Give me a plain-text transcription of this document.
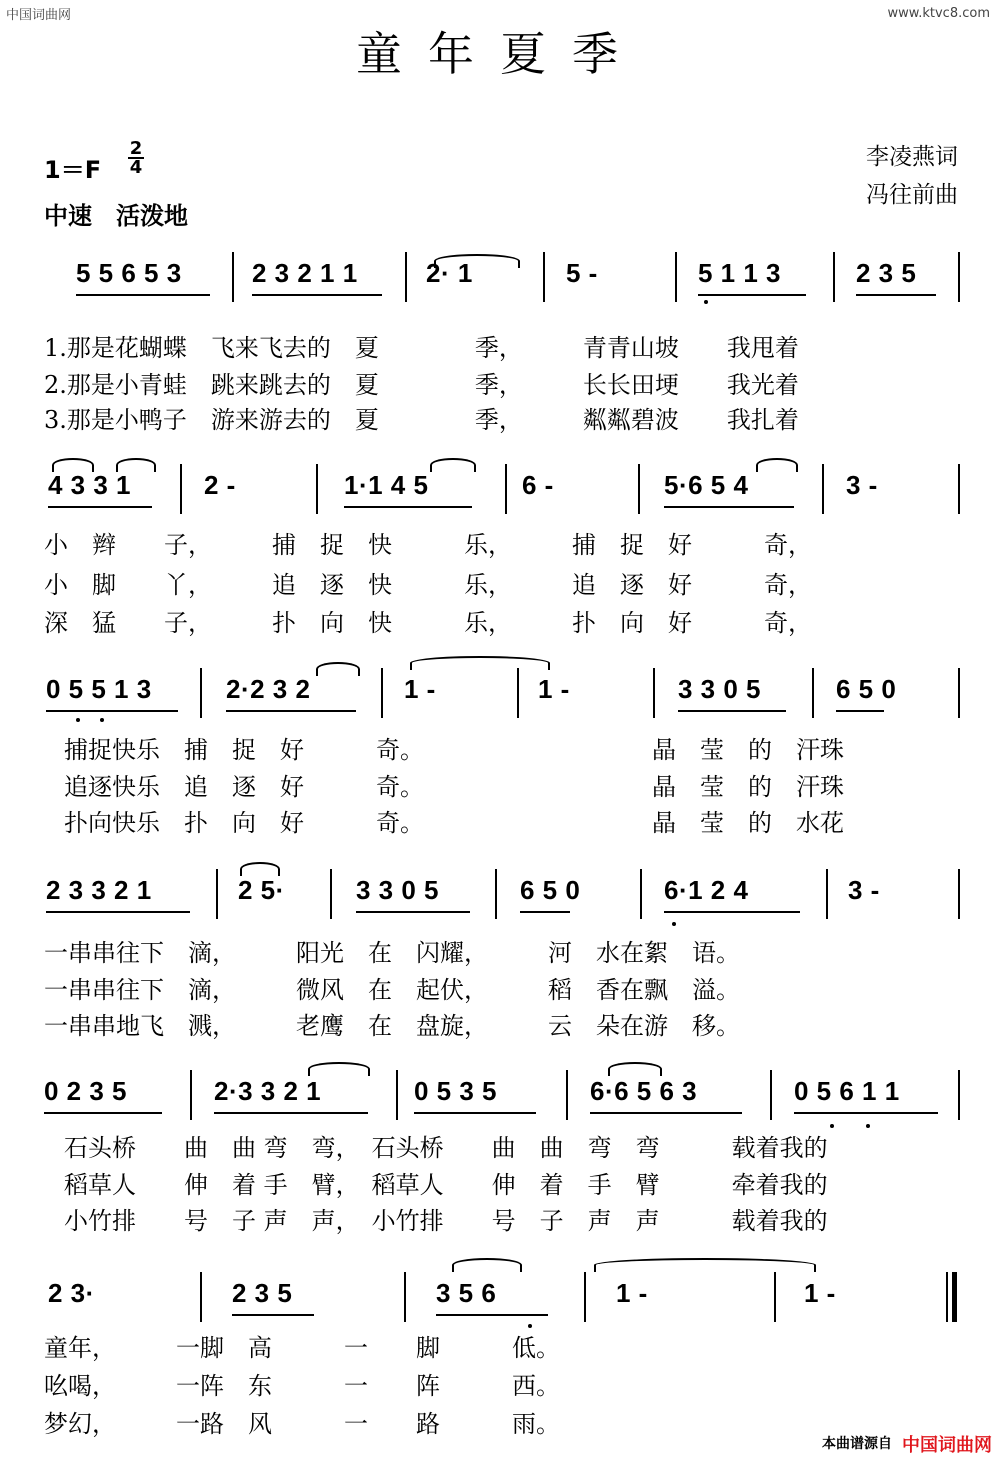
中国词曲网	www.ktvc8.com
童年夏季
1＝F
2
4
中速　活泼地
李凌燕词
冯往前曲
5 5 6 5 3	2 3 2 1 1	2· 1	5 -	5 1 1 3	2 3 5
1.那是花蝴蝶　飞来飞去的　夏　　　　季，　　　青青山坡　　我甩着
2.那是小青蛙　跳来跳去的　夏　　　　季，　　　长长田埂　　我光着
3.那是小鸭子　游来游去的　夏　　　　季，　　　粼粼碧波　　我扎着
4 3 3 1	2 -	1·1 4 5	6 -	5·6 5 4	3 -
小　辫　　子，　　　捕　捉　快　　　乐，　　　捕　捉　好　　　奇，
小　脚　　丫，　　　追　逐　快　　　乐，　　　追　逐　好　　　奇，
深　猛　　子，　　　扑　向　快　　　乐，　　　扑　向　好　　　奇，
0 5 5 1 3	2·2 3 2	1 -	1 -	3 3 0 5	6 5 0
捕捉快乐　捕　捉　好　　　奇。　　　　　　　　　　晶　莹　的　汗珠
追逐快乐　追　逐　好　　　奇。　　　　　　　　　　晶　莹　的　汗珠
扑向快乐　扑　向　好　　　奇。　　　　　　　　　　晶　莹　的　水花
2 3 3 2 1	2 5·	3 3 0 5	6 5 0	6·1 2 4	3 -
一串串往下　滴，　　　阳光　在　闪耀，　　　河　水在絮　语。
一串串往下　滴，　　　微风　在　起伏，　　　稻　香在飘　溢。
一串串地飞　溅，　　　老鹰　在　盘旋，　　　云　朵在游　移。
0 2 3 5	2·3 3 2 1	0 5 3 5	6·6 5 6 3	0 5 6 1 1
石头桥　　曲　曲 弯　弯，　石头桥　　曲　曲　弯　弯　　　载着我的
稻草人　　伸　着 手　臂，　稻草人　　伸　着　手　臂　　　牵着我的
小竹排　　号　子 声　声，　小竹排　　号　子　声　声　　　载着我的
2 3·	2 3 5	3 5 6	1 -	1 -
童年，　　　一脚　高　　　一　　脚　　　低。
吆喝，　　　一阵　东　　　一　　阵　　　西。
梦幻，　　　一路　风　　　一　　路　　　雨。
本曲谱源自 中国词曲网
